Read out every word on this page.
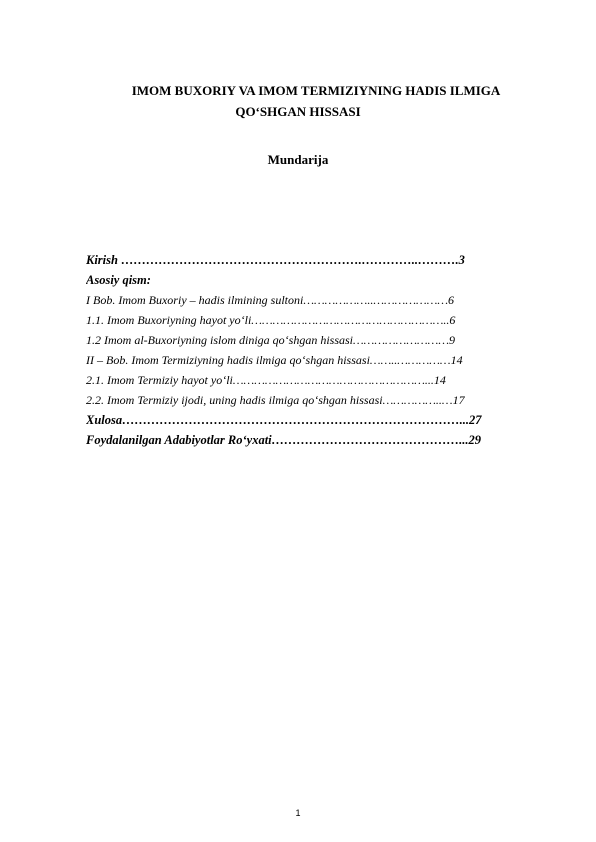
IMOM BUXORIY VA IMOM TERMIZIYNING HADIS ILMIGA
QO‘SHGAN HISSASI
Mundarija
Kirish ………………………………………………….…………..……….3
Asosiy qism:
I Bob. Imom Buxoriy – hadis ilmining sultoni………………..…………………6
1.1. Imom Buxoriyning hayot yo‘li………………………………………………..6
1.2 Imom al-Buxoriyning islom diniga qo‘shgan hissasi………………………9
II – Bob. Imom Termiziyning hadis ilmiga qo‘shgan hissasi……..……………14
2.1. Imom Termiziy hayot yo‘li………………………………………………...14
2.2. Imom Termiziy ijodi, uning hadis ilmiga qo‘shgan hissasi……………..…17
Xulosa………………………………………………………………………...27
Foydalanilgan Adabiyotlar Ro‘yxati………………………………………...29
1
